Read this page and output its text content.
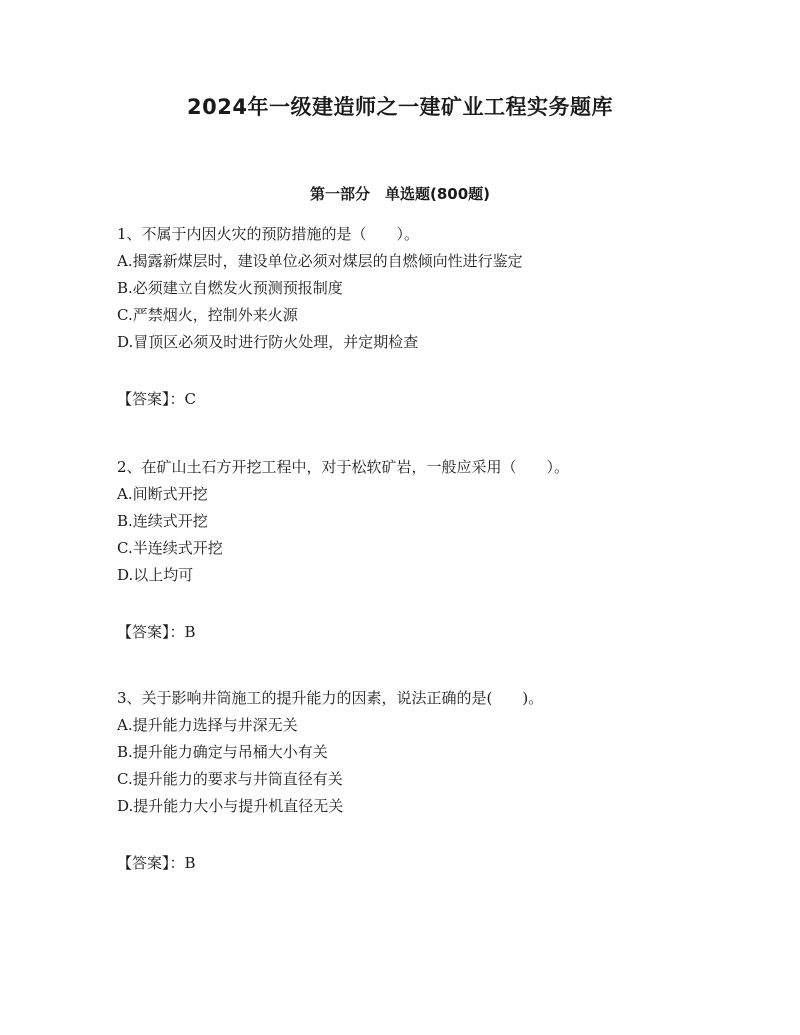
2024年一级建造师之一建矿业工程实务题库
第一部分　单选题(800题)
1、不属于内因火灾的预防措施的是（　　）。
A.揭露新煤层时，建设单位必须对煤层的自燃倾向性进行鉴定
B.必须建立自燃发火预测预报制度
C.严禁烟火，控制外来火源
D.冒顶区必须及时进行防火处理，并定期检查
【答案】：C
2、在矿山土石方开挖工程中，对于松软矿岩，一般应采用（　　）。
A.间断式开挖
B.连续式开挖
C.半连续式开挖
D.以上均可
【答案】：B
3、关于影响井筒施工的提升能力的因素，说法正确的是(　　)。
A.提升能力选择与井深无关
B.提升能力确定与吊桶大小有关
C.提升能力的要求与井筒直径有关
D.提升能力大小与提升机直径无关
【答案】：B
